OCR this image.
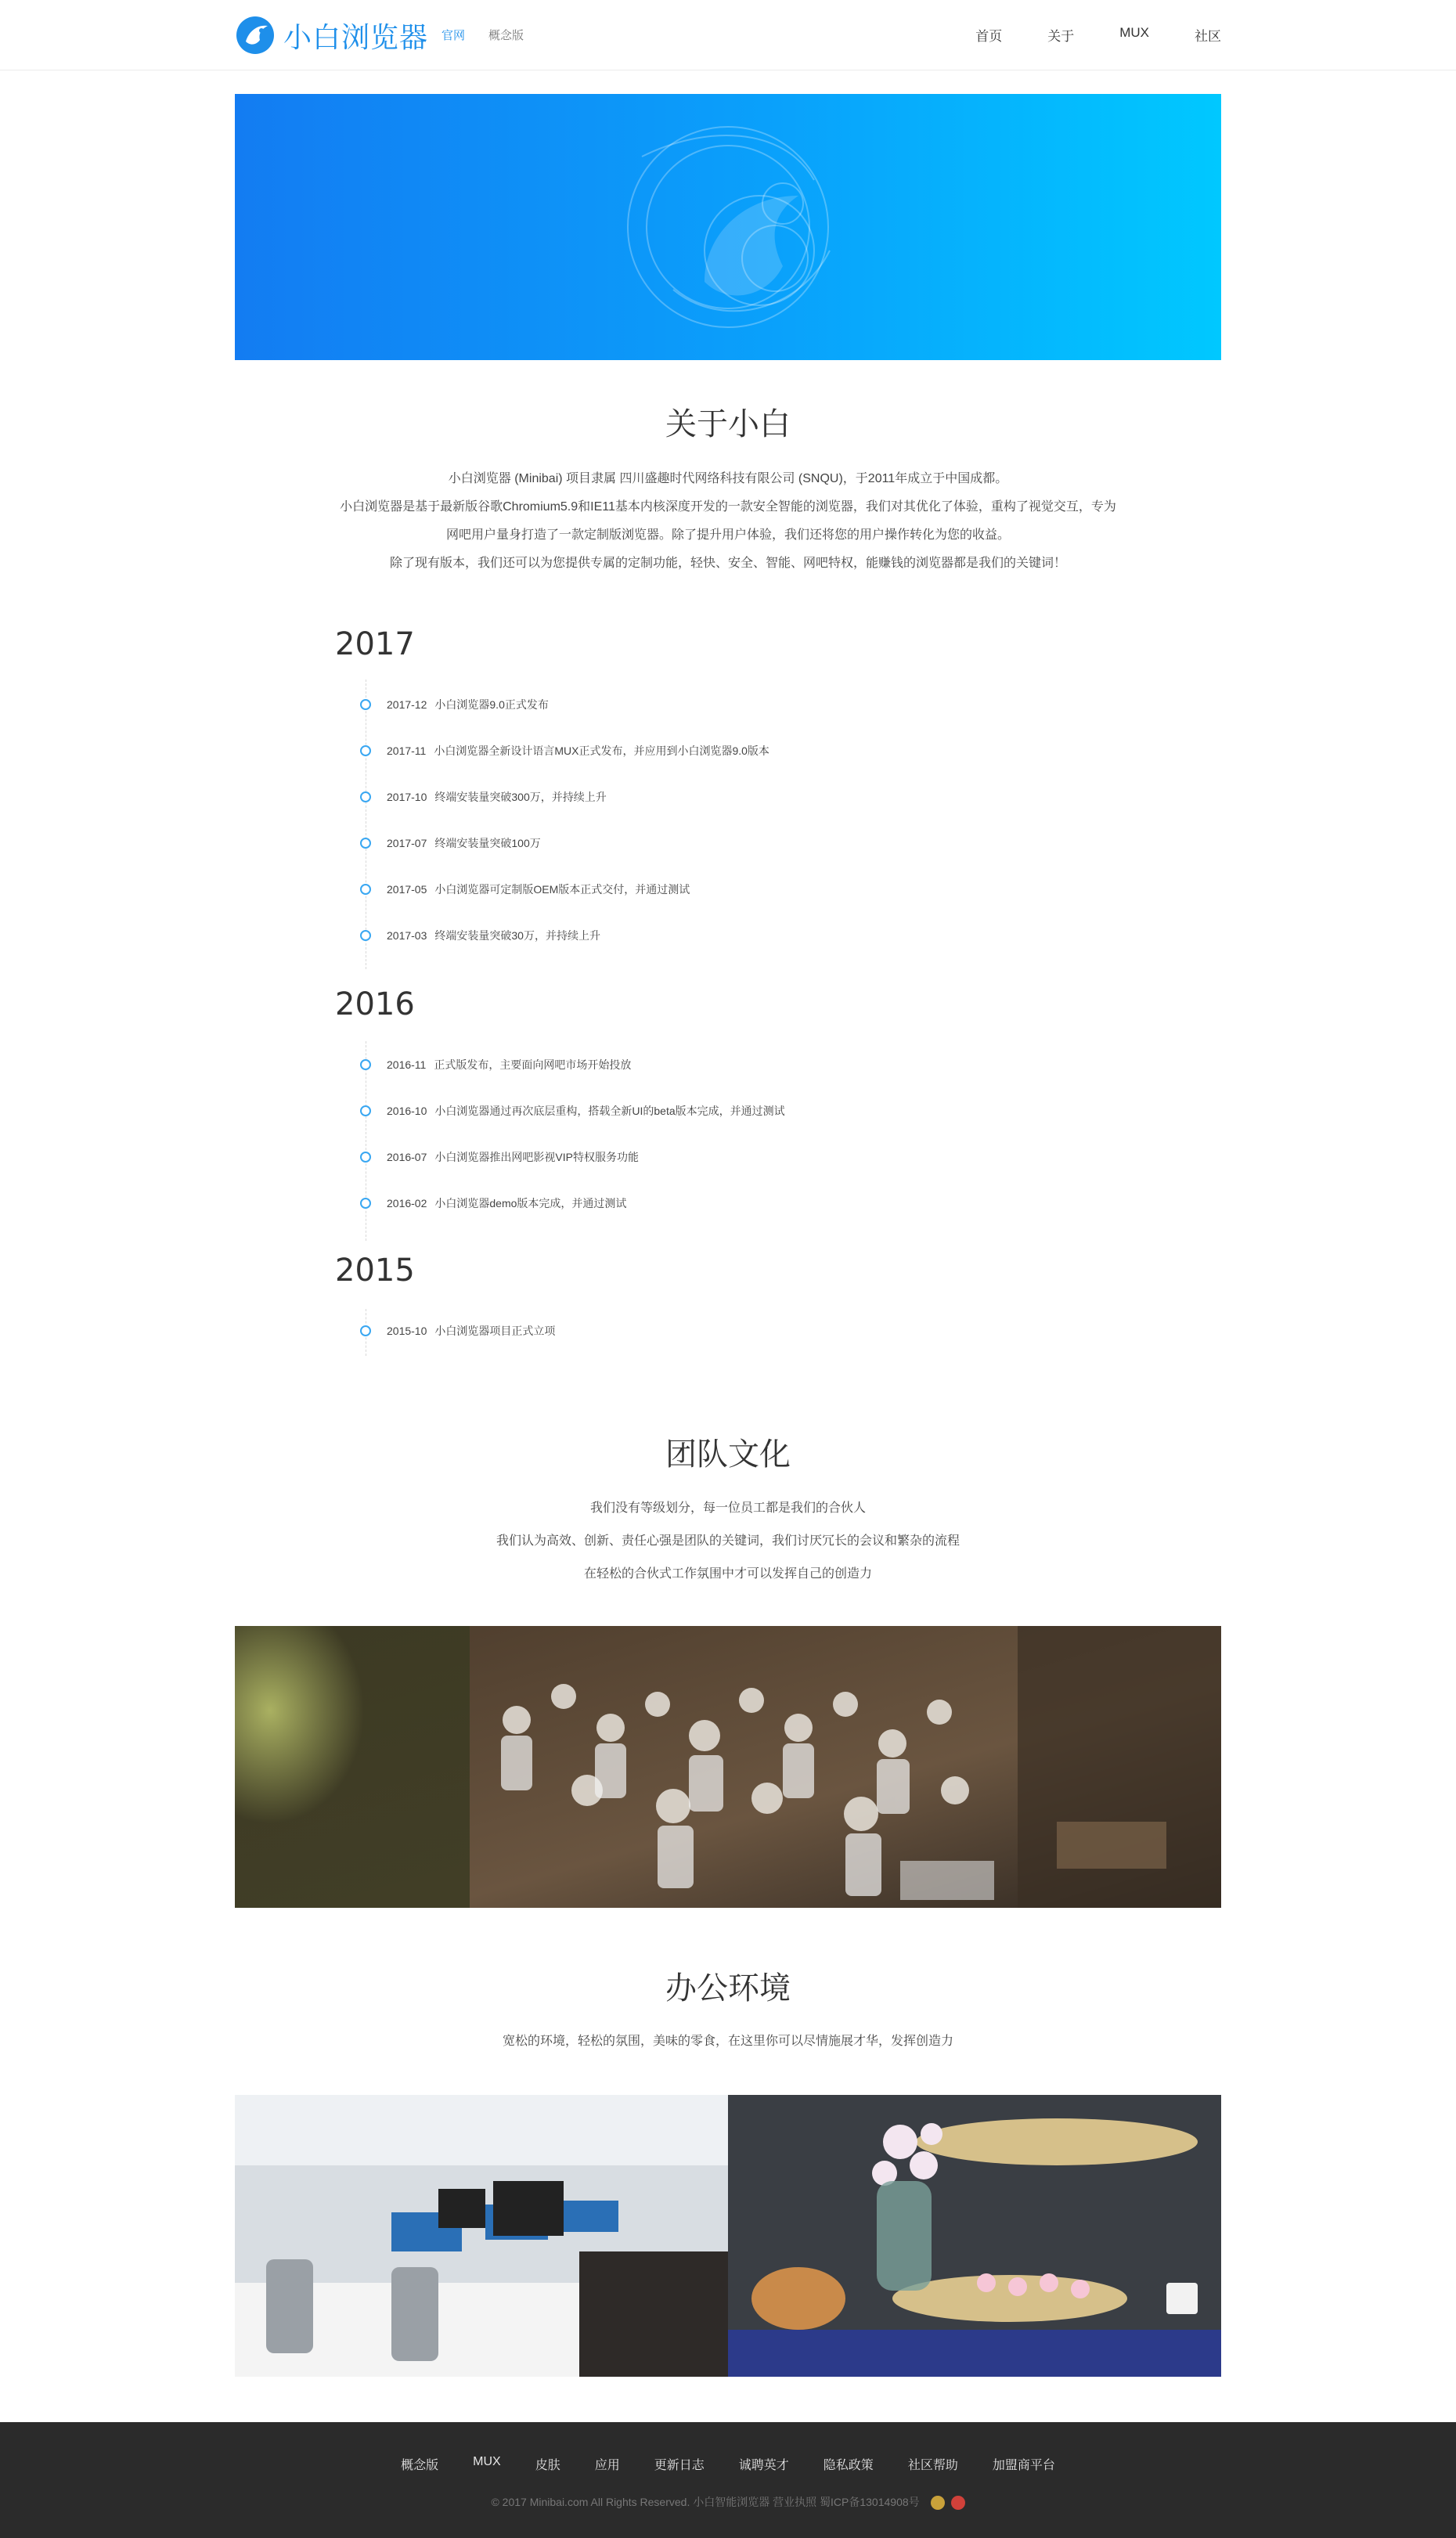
小白浏览器 官网 概念版	首页	关于	MUX	社区
关于小白
小白浏览器 (Minibai) 项目隶属 四川盛趣时代网络科技有限公司 (SNQU)，于2011年成立于中国成都。
小白浏览器是基于最新版谷歌Chromium5.9和IE11基本内核深度开发的一款安全智能的浏览器，我们对其优化了体验，重构了视觉交互，专为
网吧用户量身打造了一款定制版浏览器。除了提升用户体验，我们还将您的用户操作转化为您的收益。
除了现有版本，我们还可以为您提供专属的定制功能，轻快、安全、智能、网吧特权，能赚钱的浏览器都是我们的关键词！
2017
2017-12 小白浏览器9.0正式发布
2017-11 小白浏览器全新设计语言MUX正式发布，并应用到小白浏览器9.0版本
2017-10 终端安装量突破300万，并持续上升
2017-07 终端安装量突破100万
2017-05 小白浏览器可定制版OEM版本正式交付，并通过测试
2017-03 终端安装量突破30万，并持续上升
2016
2016-11 正式版发布，主要面向网吧市场开始投放
2016-10 小白浏览器通过再次底层重构，搭载全新UI的beta版本完成，并通过测试
2016-07 小白浏览器推出网吧影视VIP特权服务功能
2016-02 小白浏览器demo版本完成，并通过测试
2015
2015-10 小白浏览器项目正式立项
团队文化
我们没有等级划分，每一位员工都是我们的合伙人
我们认为高效、创新、责任心强是团队的关键词，我们讨厌冗长的会议和繁杂的流程
在轻松的合伙式工作氛围中才可以发挥自己的创造力
办公环境
宽松的环境，轻松的氛围，美味的零食，在这里你可以尽情施展才华，发挥创造力
概念版	MUX	皮肤	应用	更新日志	诚聘英才	隐私政策	社区帮助	加盟商平台
© 2017 Minibai.com All Rights Reserved. 小白智能浏览器 营业执照 蜀ICP备13014908号
